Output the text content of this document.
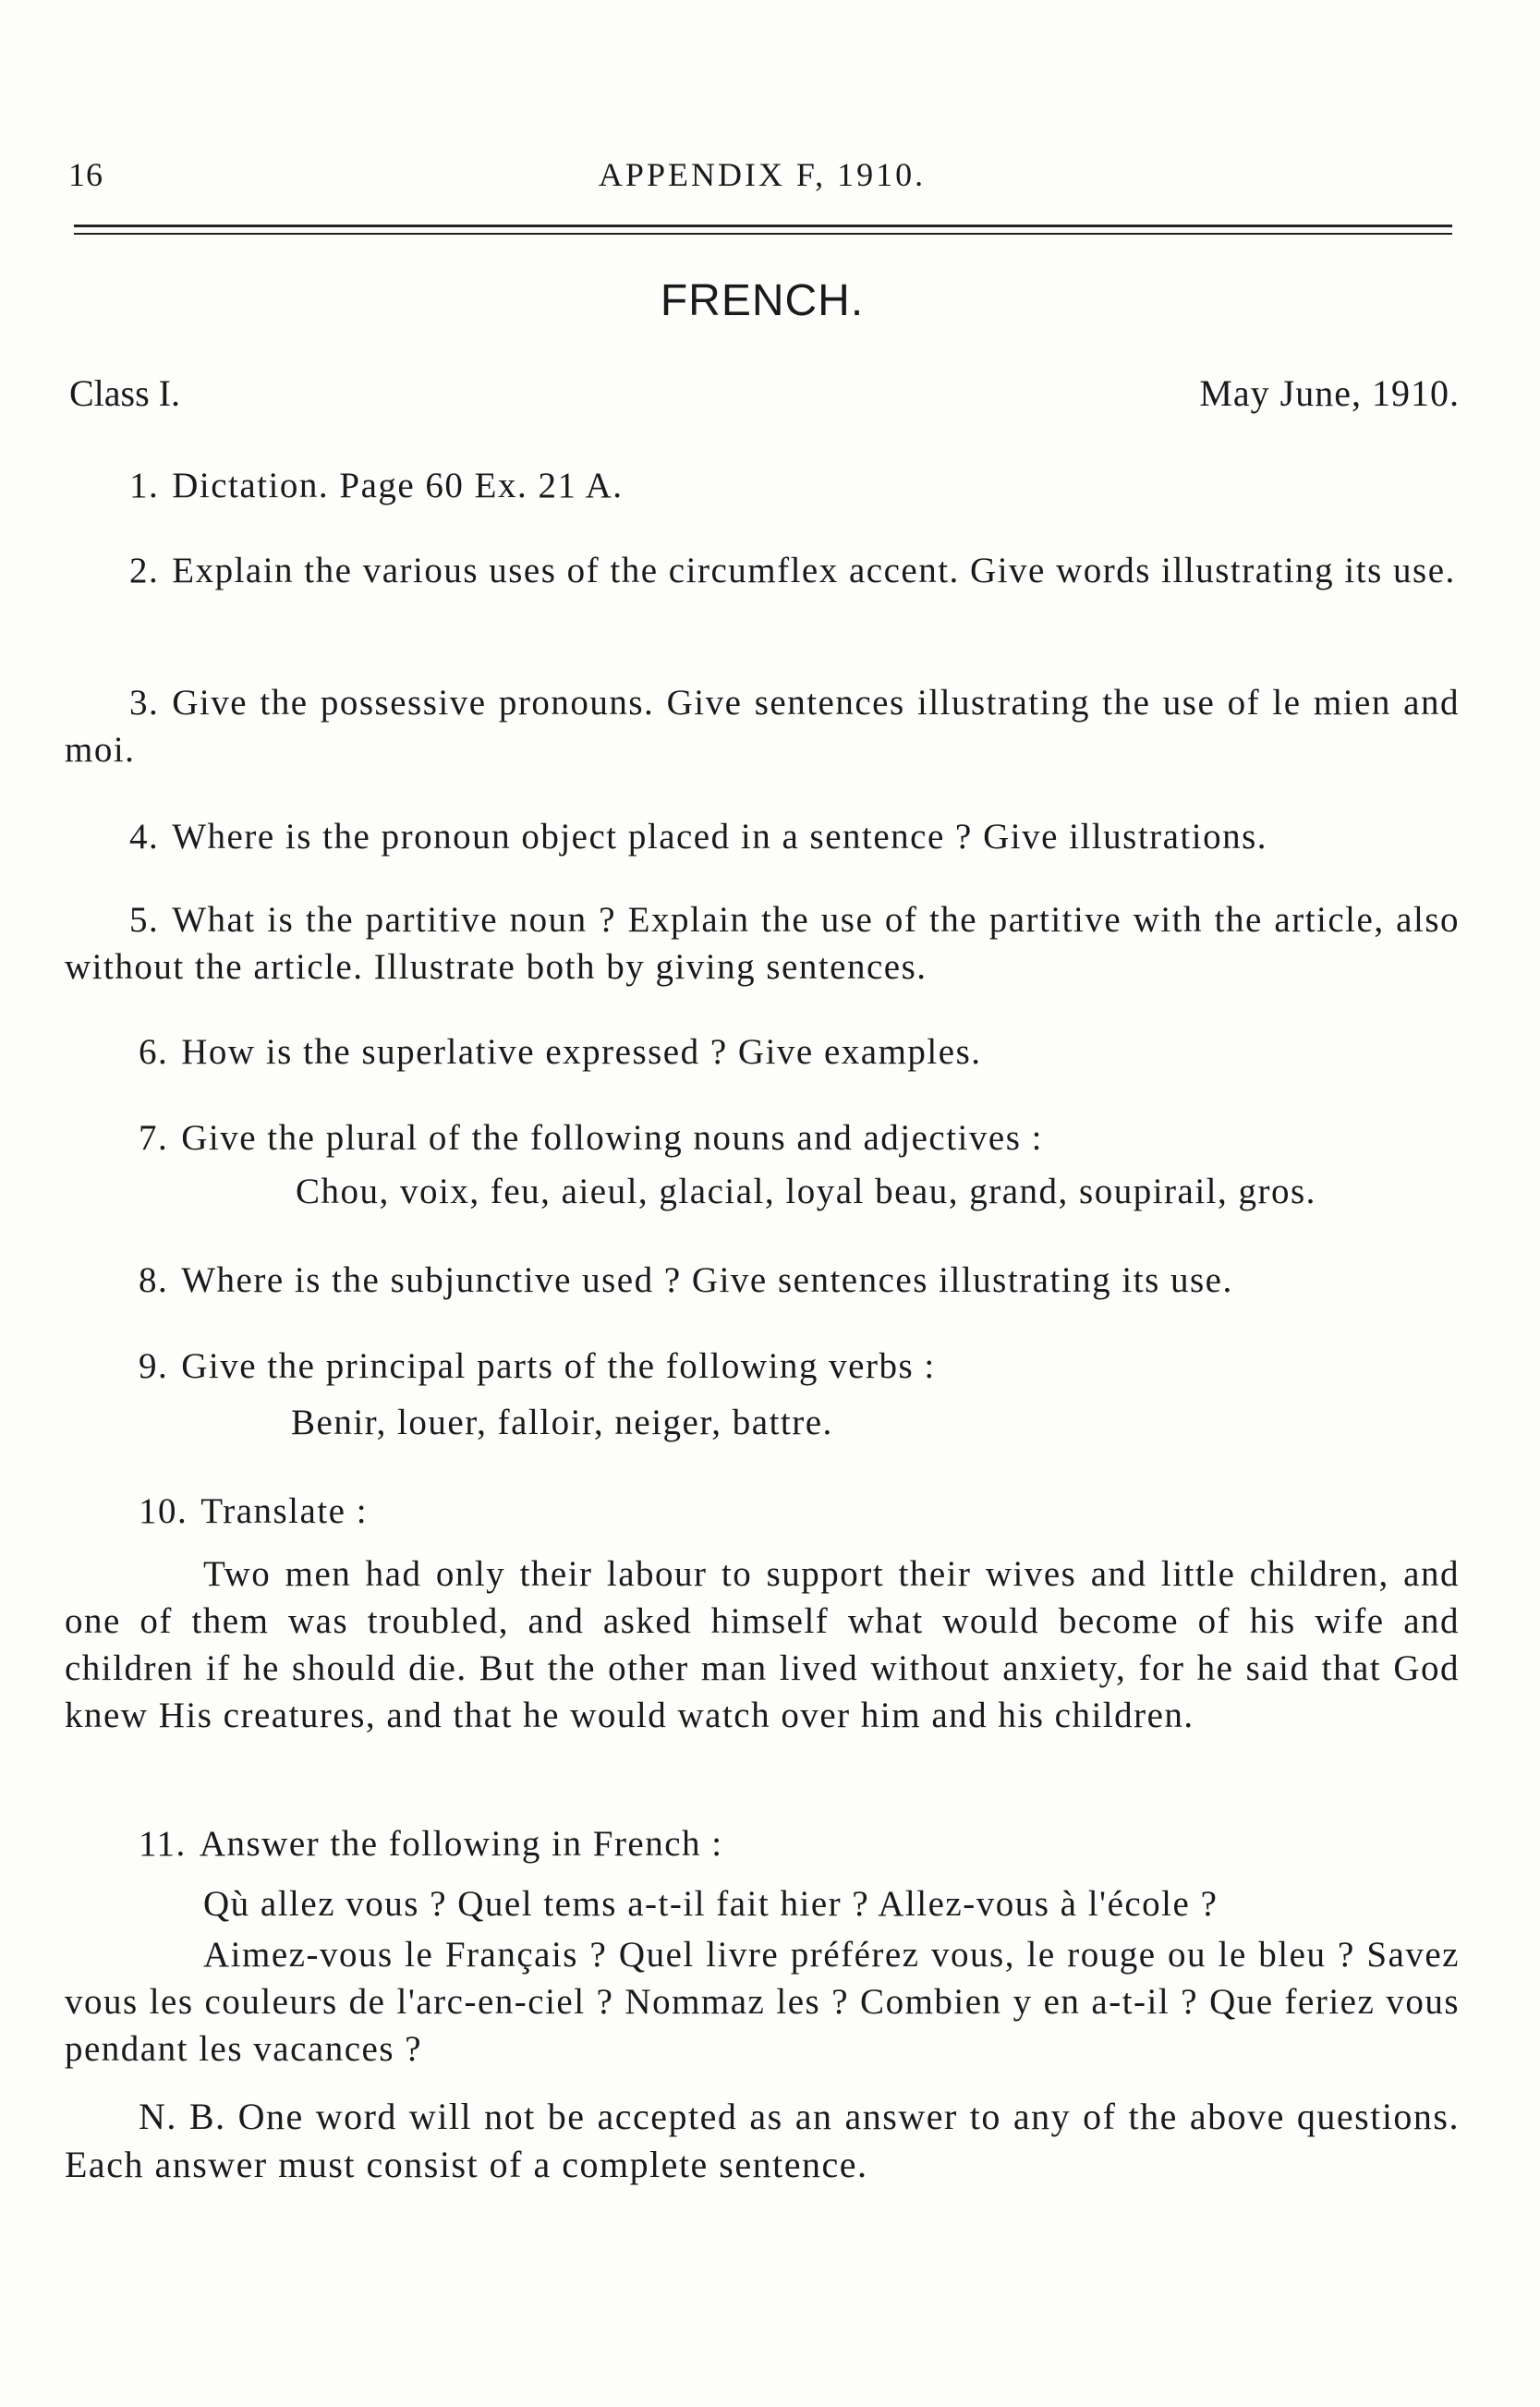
16	APPENDIX F, 1910.
FRENCH.
Class I.	May June, 1910.
1. Dictation. Page 60 Ex. 21 A.
2. Explain the various uses of the circumflex accent. Give words illustrating its use.
3. Give the possessive pronouns. Give sentences illustrating the use of le mien and moi.
4. Where is the pronoun object placed in a sentence ? Give illustrations.
5. What is the partitive noun ? Explain the use of the partitive with the article, also without the article. Illustrate both by giving sentences.
6. How is the superlative expressed ? Give examples.
7. Give the plural of the following nouns and adjectives :
Chou, voix, feu, aieul, glacial, loyal beau, grand, soupirail, gros.
8. Where is the subjunctive used ? Give sentences illustrating its use.
9. Give the principal parts of the following verbs :
Benir, louer, falloir, neiger, battre.
10. Translate :
Two men had only their labour to support their wives and little children, and one of them was troubled, and asked himself what would become of his wife and children if he should die. But the other man lived without anxiety, for he said that God knew His creatures, and that he would watch over him and his children.
11. Answer the following in French :
Qù allez vous ? Quel tems a-t-il fait hier ? Allez-vous à l'école ?
Aimez-vous le Français ? Quel livre préférez vous, le rouge ou le bleu ? Savez vous les couleurs de l'arc-en-ciel ? Nommaz les ? Combien y en a-t-il ? Que feriez vous pendant les vacances ?
N. B. One word will not be accepted as an answer to any of the above questions. Each answer must consist of a complete sentence.
